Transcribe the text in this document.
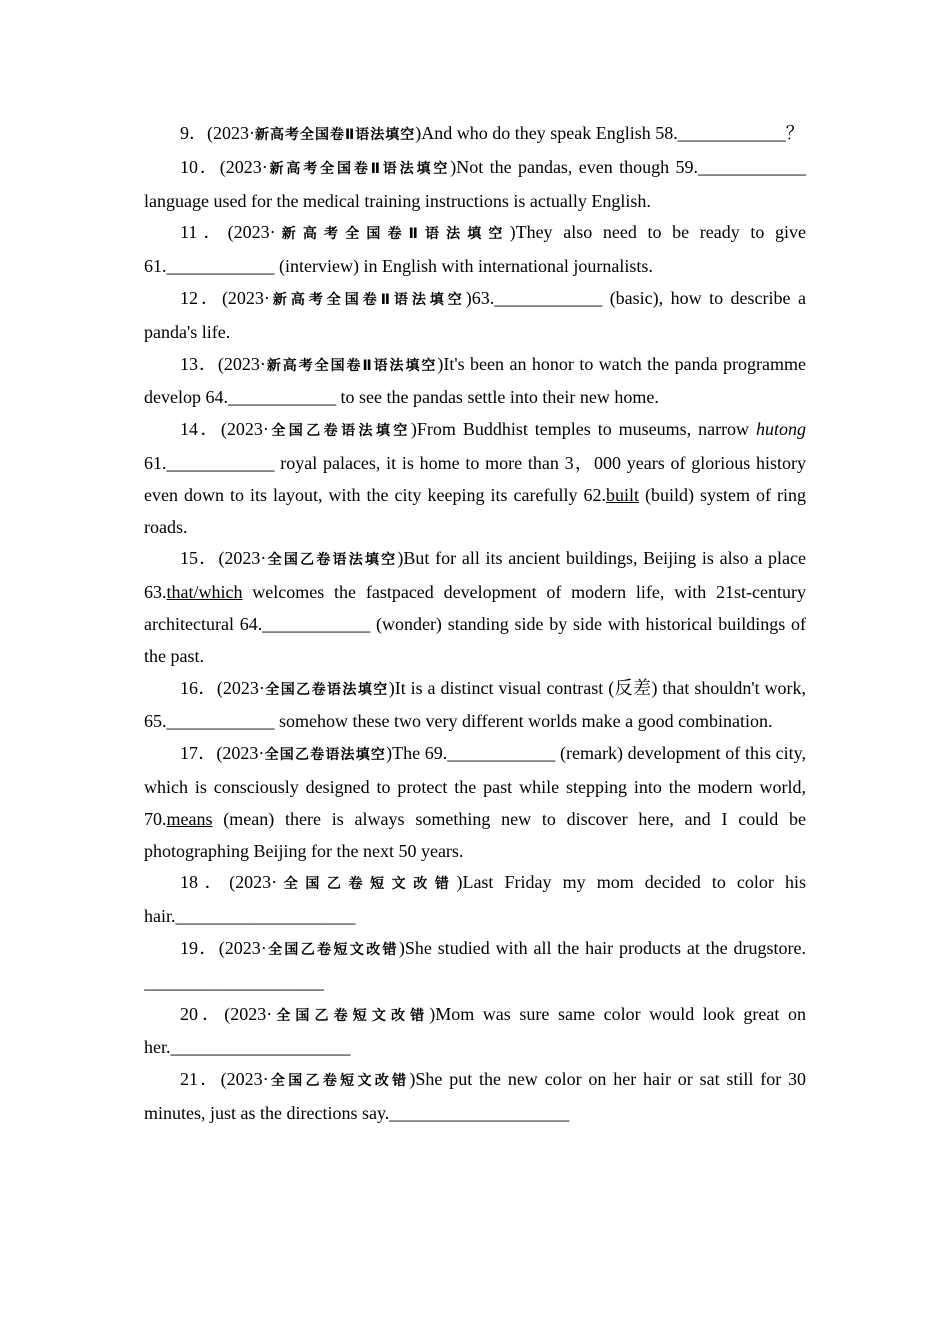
9．(2023·新高考全国卷Ⅱ语法填空)And who do they speak English 58.____________？

10．(2023·新高考全国卷Ⅱ语法填空)Not the pandas, even though 59.____________ language used for the medical training instructions is actually English.

11．(2023·新高考全国卷Ⅱ语法填空)They also need to be ready to give 61.____________ (interview) in English with international journalists.

12．(2023·新高考全国卷Ⅱ语法填空)63.____________ (basic), how to describe a panda's life.

13．(2023·新高考全国卷Ⅱ语法填空)It's been an honor to watch the panda programme develop 64.____________ to see the pandas settle into their new home.

14．(2023·全国乙卷语法填空)From Buddhist temples to museums, narrow hutong 61.____________ royal palaces, it is home to more than 3，000 years of glorious history even down to its layout, with the city keeping its carefully 62.built (build) system of ring roads.

15．(2023·全国乙卷语法填空)But for all its ancient buildings, Beijing is also a place 63.that/which welcomes the fastpaced development of modern life, with 21st-century architectural 64.____________ (wonder) standing side by side with historical buildings of the past.

16．(2023·全国乙卷语法填空)It is a distinct visual contrast (反差) that shouldn't work, 65.____________ somehow these two very different worlds make a good combination.

17．(2023·全国乙卷语法填空)The 69.____________ (remark) development of this city, which is consciously designed to protect the past while stepping into the modern world, 70.means (mean) there is always something new to discover here, and I could be photographing Beijing for the next 50 years.

18．(2023·全国乙卷短文改错)Last Friday my mom decided to color his hair.____________________

19．(2023·全国乙卷短文改错)She studied with all the hair products at the drugstore. ____________________

20．(2023·全国乙卷短文改错)Mom was sure same color would look great on her.____________________

21．(2023·全国乙卷短文改错)She put the new color on her hair or sat still for 30 minutes, just as the directions say.____________________
